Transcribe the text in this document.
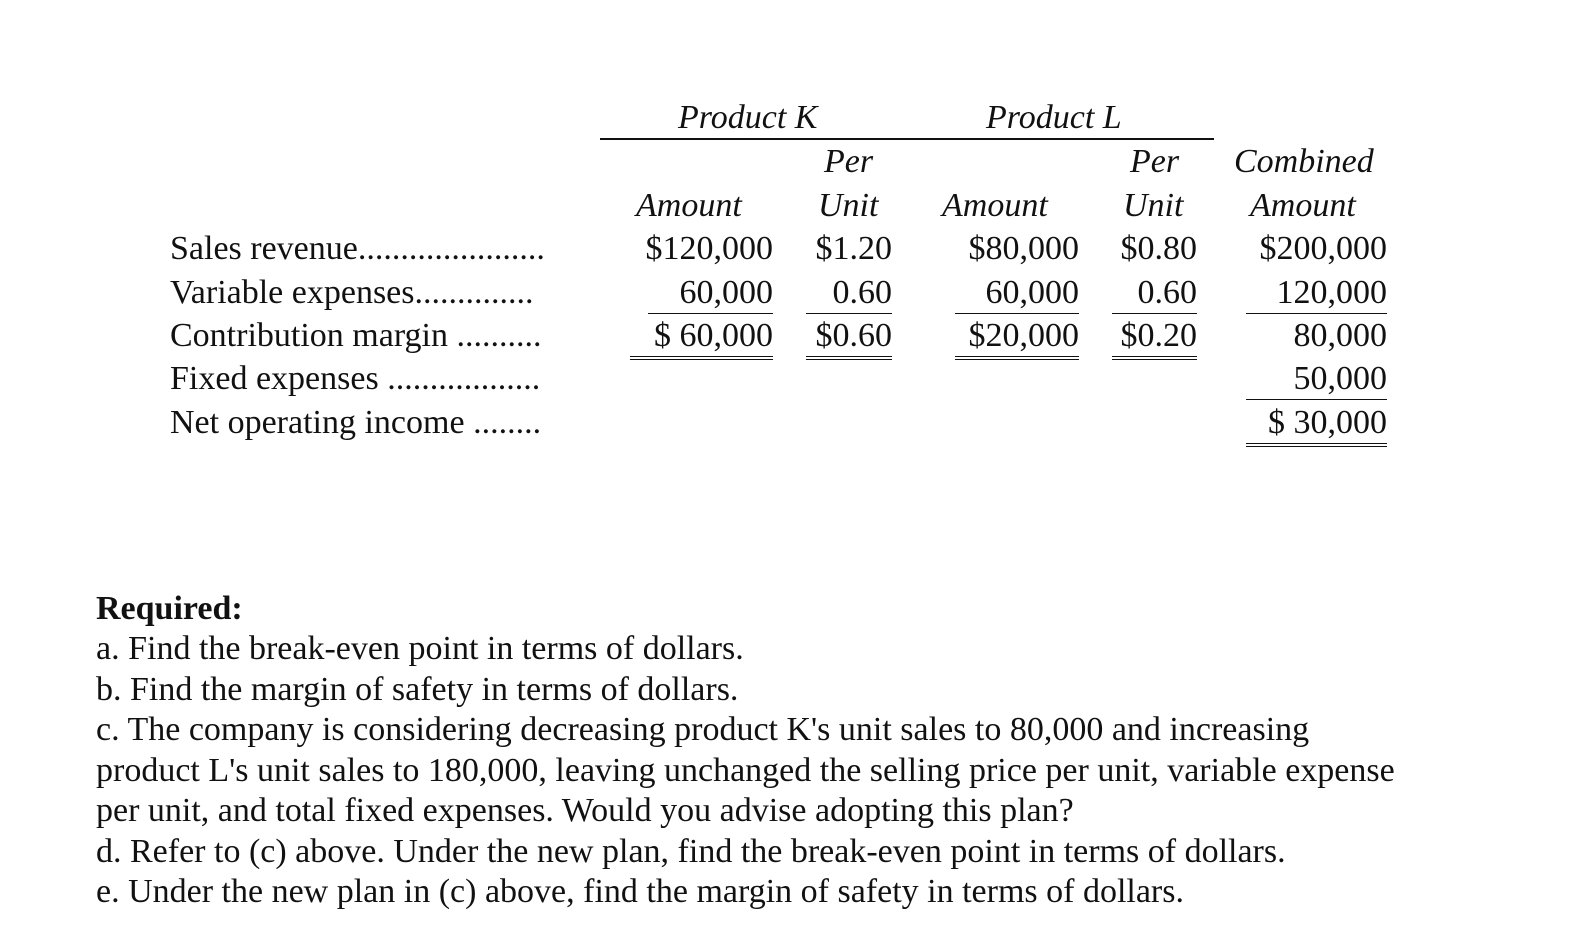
Product K	Product L
Per	Per Combined
Amount Unit Amount Unit Amount
Sales revenue......................
Variable expenses..............
Contribution margin ..........
Fixed expenses ..................
Net operating income ........
$120,000
60,000
$ 60,000
$1.20
0.60
$0.60
$80,000
60,000
$20,000
$0.80
0.60
$0.20
$200,000
120,000
80,000
50,000
$ 30,000
Required:
a. Find the break-even point in terms of dollars.
b. Find the margin of safety in terms of dollars.
c. The company is considering decreasing product K's unit sales to 80,000 and increasing
product L's unit sales to 180,000, leaving unchanged the selling price per unit, variable expense
per unit, and total fixed expenses. Would you advise adopting this plan?
d. Refer to (c) above. Under the new plan, find the break-even point in terms of dollars.
e. Under the new plan in (c) above, find the margin of safety in terms of dollars.
